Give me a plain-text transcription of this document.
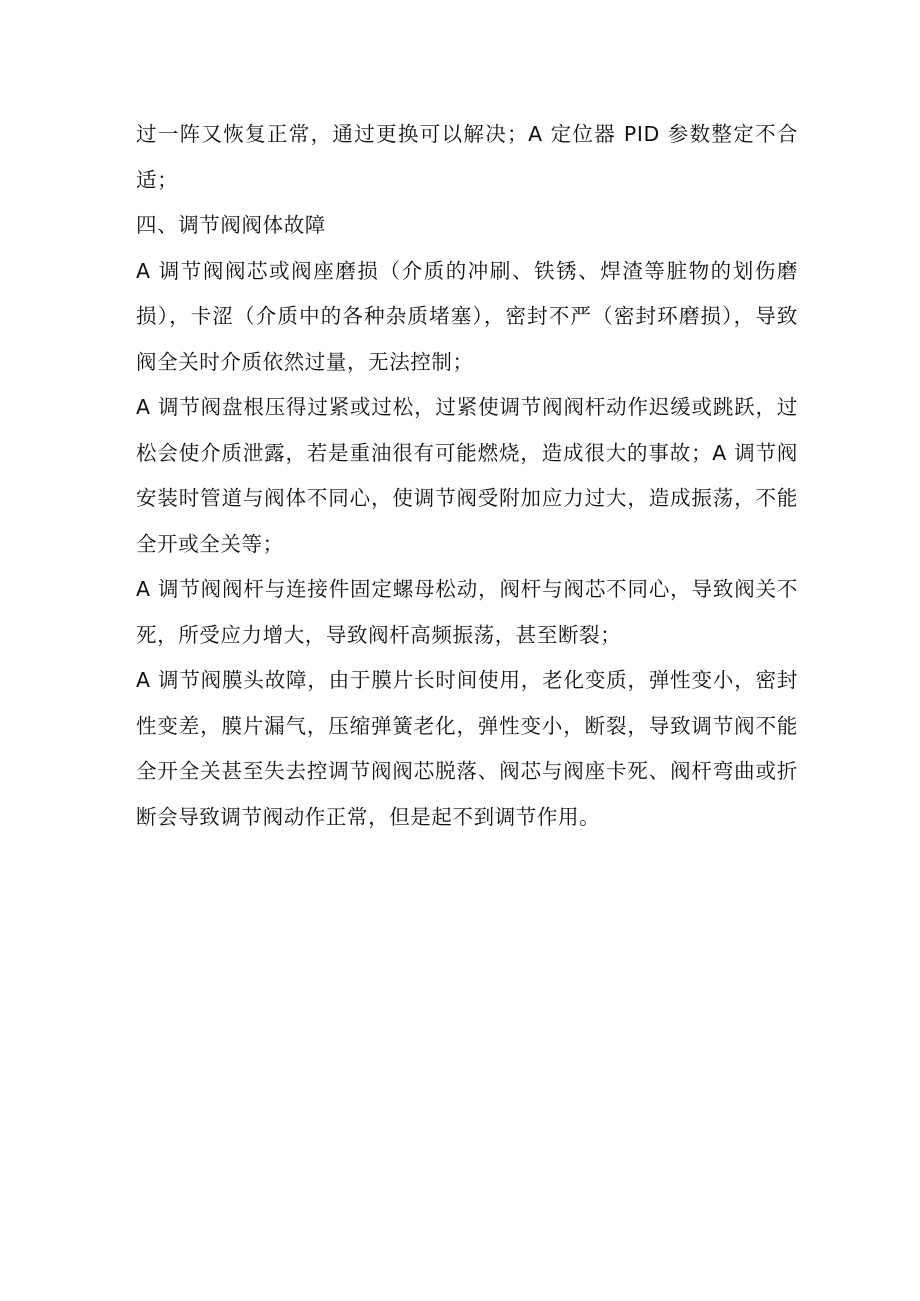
过一阵又恢复正常，通过更换可以解决；A 定位器 PID 参数整定不合适；

四、调节阀阀体故障

A 调节阀阀芯或阀座磨损（介质的冲刷、铁锈、焊渣等脏物的划伤磨损），卡涩（介质中的各种杂质堵塞），密封不严（密封环磨损），导致阀全关时介质依然过量，无法控制；

A 调节阀盘根压得过紧或过松，过紧使调节阀阀杆动作迟缓或跳跃，过松会使介质泄露，若是重油很有可能燃烧，造成很大的事故；A 调节阀安装时管道与阀体不同心，使调节阀受附加应力过大，造成振荡，不能全开或全关等；

A 调节阀阀杆与连接件固定螺母松动，阀杆与阀芯不同心，导致阀关不死，所受应力增大，导致阀杆高频振荡，甚至断裂；

A 调节阀膜头故障，由于膜片长时间使用，老化变质，弹性变小，密封性变差，膜片漏气，压缩弹簧老化，弹性变小，断裂，导致调节阀不能全开全关甚至失去控调节阀阀芯脱落、阀芯与阀座卡死、阀杆弯曲或折断会导致调节阀动作正常，但是起不到调节作用。
